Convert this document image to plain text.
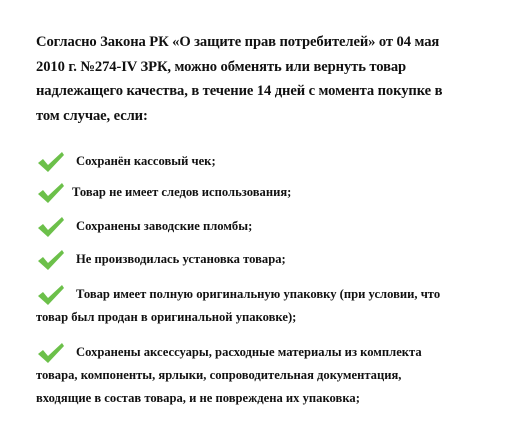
Согласно Закона РК «О защите прав потребителей» от 04 мая
2010 г. №274-IV ЗРК, можно обменять или вернуть товар
надлежащего качества, в течение 14 дней с момента покупке в
том случае, если:
Сохранён кассовый чек;
Товар не имеет следов использования;
Сохранены заводские пломбы;
Не производилась установка товара;
Товар имеет полную оригинальную упаковку (при условии, что
товар был продан в оригинальной упаковке);
Сохранены аксессуары, расходные материалы из комплекта
товара, компоненты, ярлыки, сопроводительная документация,
входящие в состав товара, и не повреждена их упаковка;
